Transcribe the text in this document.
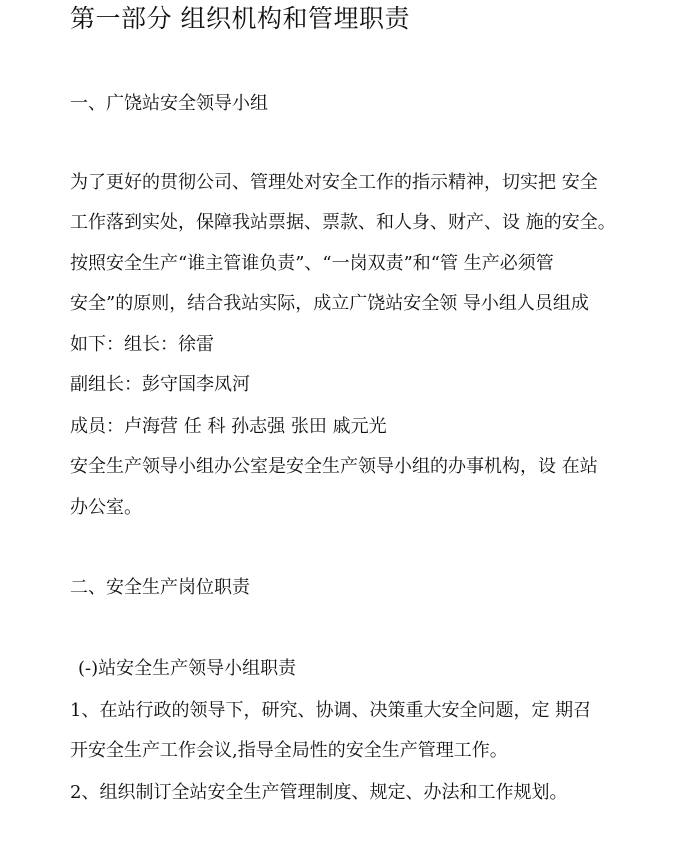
第一部分 组织机构和管埋职责
一、广饶站安全领导小组
为了更好的贯彻公司、管理处对安全工作的指示精神，切实把 安全
工作落到实处，保障我站票据、票款、和人身、财产、设 施的安全。
按照安全生产“谁主管谁负责”、“一岗双责”和“管 生产必须管
安全”的原则，结合我站实际，成立广饶站安全领 导小组人员组成
如下：组长：徐雷
副组长：彭守国李凤河
成员：卢海营 任 科 孙志强 张田 戚元光
安全生产领导小组办公室是安全生产领导小组的办事机构，设 在站
办公室。
二、安全生产岗位职责
(-)站安全生产领导小组职责
1、在站行政的领导下，研究、协调、决策重大安全问题，定 期召
开安全生产工作会议,指导全局性的安全生产管理工作。
2、组织制订全站安全生产管理制度、规定、办法和工作规划。
